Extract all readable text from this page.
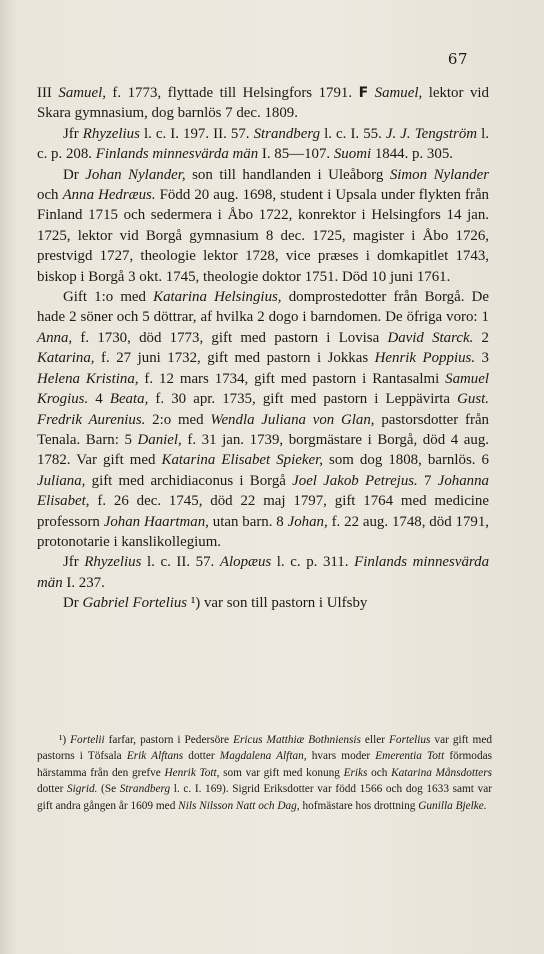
67

III Samuel, f. 1773, flyttade till Helsingfors 1791. F Samuel, lektor vid Skara gymnasium, dog barnlös 7 dec. 1809.

Jfr Rhyzelius l. c. I. 197. II. 57. Strandberg l. c. I. 55. J. J. Tengström l. c. p. 208. Finlands minnesvärda män I. 85—107. Suomi 1844. p. 305.

Dr Johan Nylander, son till handlanden i Uleåborg Simon Nylander och Anna Hedræus. Född 20 aug. 1698, student i Upsala under flykten från Finland 1715 och sedermera i Åbo 1722, konrektor i Helsingfors 14 jan. 1725, lektor vid Borgå gymnasium 8 dec. 1725, magister i Åbo 1726, prestvigd 1727, theologie lektor 1728, vice præses i domkapitlet 1743, biskop i Borgå 3 okt. 1745, theologie doktor 1751. Död 10 juni 1761.

Gift 1:o med Katarina Helsingius, domprostedotter från Borgå. De hade 2 söner och 5 döttrar, af hvilka 2 dogo i barndomen. De öfriga voro: 1 Anna, f. 1730, död 1773, gift med pastorn i Lovisa David Starck. 2 Katarina, f. 27 juni 1732, gift med pastorn i Jokkas Henrik Poppius. 3 Helena Kristina, f. 12 mars 1734, gift med pastorn i Rantasalmi Samuel Krogius. 4 Beata, f. 30 apr. 1735, gift med pastorn i Leppävirta Gust. Fredrik Aurenius. 2:o med Wendla Juliana von Glan, pastorsdotter från Tenala. Barn: 5 Daniel, f. 31 jan. 1739, borgmästare i Borgå, död 4 aug. 1782. Var gift med Katarina Elisabet Spieker, som dog 1808, barnlös. 6 Juliana, gift med archidiaconus i Borgå Joel Jakob Petrejus. 7 Johanna Elisabet, f. 26 dec. 1745, död 22 maj 1797, gift 1764 med medicine professorn Johan Haartman, utan barn. 8 Johan, f. 22 aug. 1748, död 1791, protonotarie i kanslikollegium.

Jfr Rhyzelius l. c. II. 57. Alopæus l. c. p. 311. Finlands minnesvärda män I. 237.

Dr Gabriel Fortelius ¹) var son till pastorn i Ulfsby

¹) Fortelii farfar, pastorn i Pedersöre Ericus Matthiæ Bothniensis eller Fortelius var gift med pastorns i Töfsala Erik Alftans dotter Magdalena Alftan, hvars moder Emerentia Tott förmodas härstamma från den grefve Henrik Tott, som var gift med konung Eriks och Katarina Månsdotters dotter Sigrid. (Se Strandberg l. c. I. 169). Sigrid Eriksdotter var född 1566 och dog 1633 samt var gift andra gången år 1609 med Nils Nilsson Natt och Dag, hofmästare hos drottning Gunilla Bjelke.
